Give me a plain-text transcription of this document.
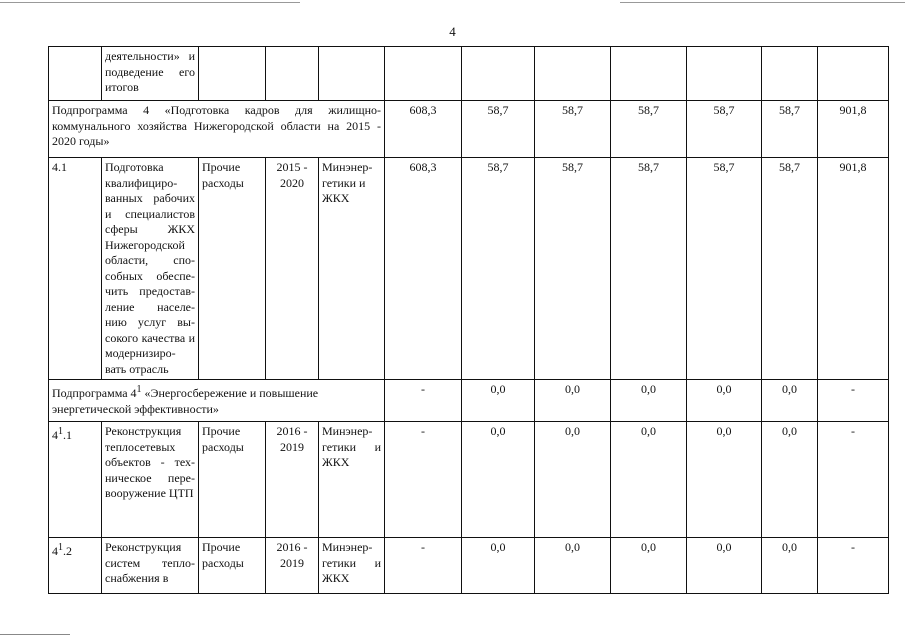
4
	деятельности» и подведение его итогов										
Подпрограмма 4 «Подготовка кадров для жилищно-коммунального хозяйства Нижегородской области на 2015 - 2020 годы»					608,3	58,7	58,7	58,7	58,7	58,7	901,8
4.1	Подготовка квалифициро-ванных рабочих и специалистов сферы ЖКХ Нижегородской области, спо-собных обеспе-чить предостав-ление населе-нию услуг вы-сокого качества и модернизиро-вать отрасль	Прочие расходы	2015 - 2020	Минэнер-гетики и ЖКХ	608,3	58,7	58,7	58,7	58,7	58,7	901,8
Подпрограмма $4^1$ «Энергосбережение и повышение энергетической эффективности»					-	0,0	0,0	0,0	0,0	0,0	-
$4^1.1$	Реконструкция теплосетевых объектов - тех-ническое пере-вооружение ЦТП	Прочие расходы	2016 - 2019	Минэнер-гетики и ЖКХ	-	0,0	0,0	0,0	0,0	0,0	-
$4^1.2$	Реконструкция систем тепло-снабжения в	Прочие расходы	2016 - 2019	Минэнер-гетики и ЖКХ	-	0,0	0,0	0,0	0,0	0,0	-
